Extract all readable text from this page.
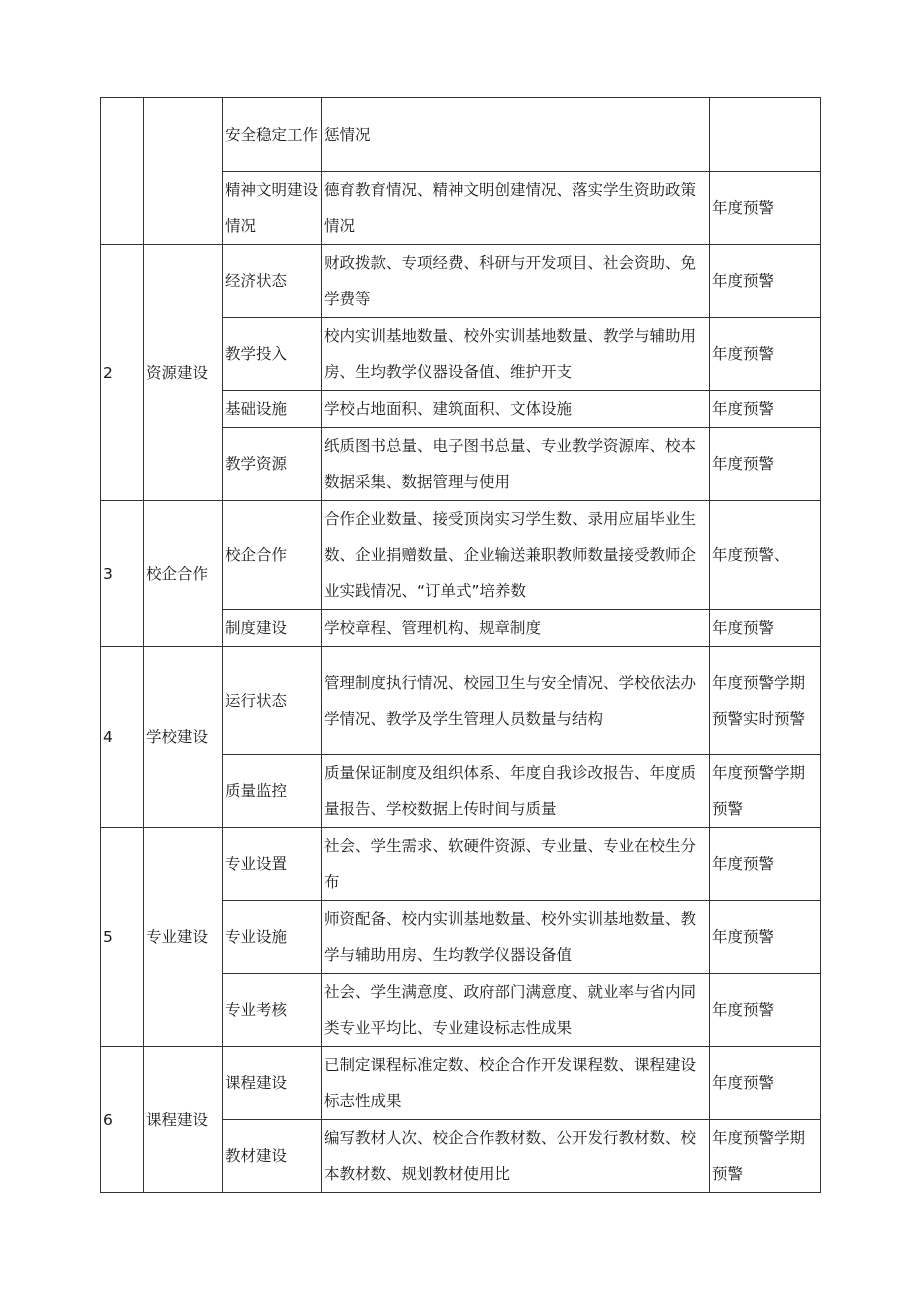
		安全稳定工作	惩情况	
		精神文明建设情况	德育教育情况、精神文明创建情况、落实学生资助政策情况	年度预警
2	资源建设	经济状态	财政拨款、专项经费、科研与开发项目、社会资助、免学费等	年度预警
		教学投入	校内实训基地数量、校外实训基地数量、教学与辅助用房、生均教学仪器设备值、维护开支	年度预警
		基础设施	学校占地面积、建筑面积、文体设施	年度预警
		教学资源	纸质图书总量、电子图书总量、专业教学资源库、校本数据采集、数据管理与使用	年度预警
3	校企合作	校企合作	合作企业数量、接受顶岗实习学生数、录用应届毕业生数、企业捐赠数量、企业输送兼职教师数量接受教师企业实践情况、“订单式”培养数	年度预警、
		制度建设	学校章程、管理机构、规章制度	年度预警
4	学校建设	运行状态	管理制度执行情况、校园卫生与安全情况、学校依法办学情况、教学及学生管理人员数量与结构	年度预警学期预警实时预警
		质量监控	质量保证制度及组织体系、年度自我诊改报告、年度质量报告、学校数据上传时间与质量	年度预警学期预警
5	专业建设	专业设置	社会、学生需求、软硬件资源、专业量、专业在校生分布	年度预警
		专业设施	师资配备、校内实训基地数量、校外实训基地数量、教学与辅助用房、生均教学仪器设备值	年度预警
		专业考核	社会、学生满意度、政府部门满意度、就业率与省内同类专业平均比、专业建设标志性成果	年度预警
6	课程建设	课程建设	已制定课程标准定数、校企合作开发课程数、课程建设标志性成果	年度预警
		教材建设	编写教材人次、校企合作教材数、公开发行教材数、校本教材数、规划教材使用比	年度预警学期预警
